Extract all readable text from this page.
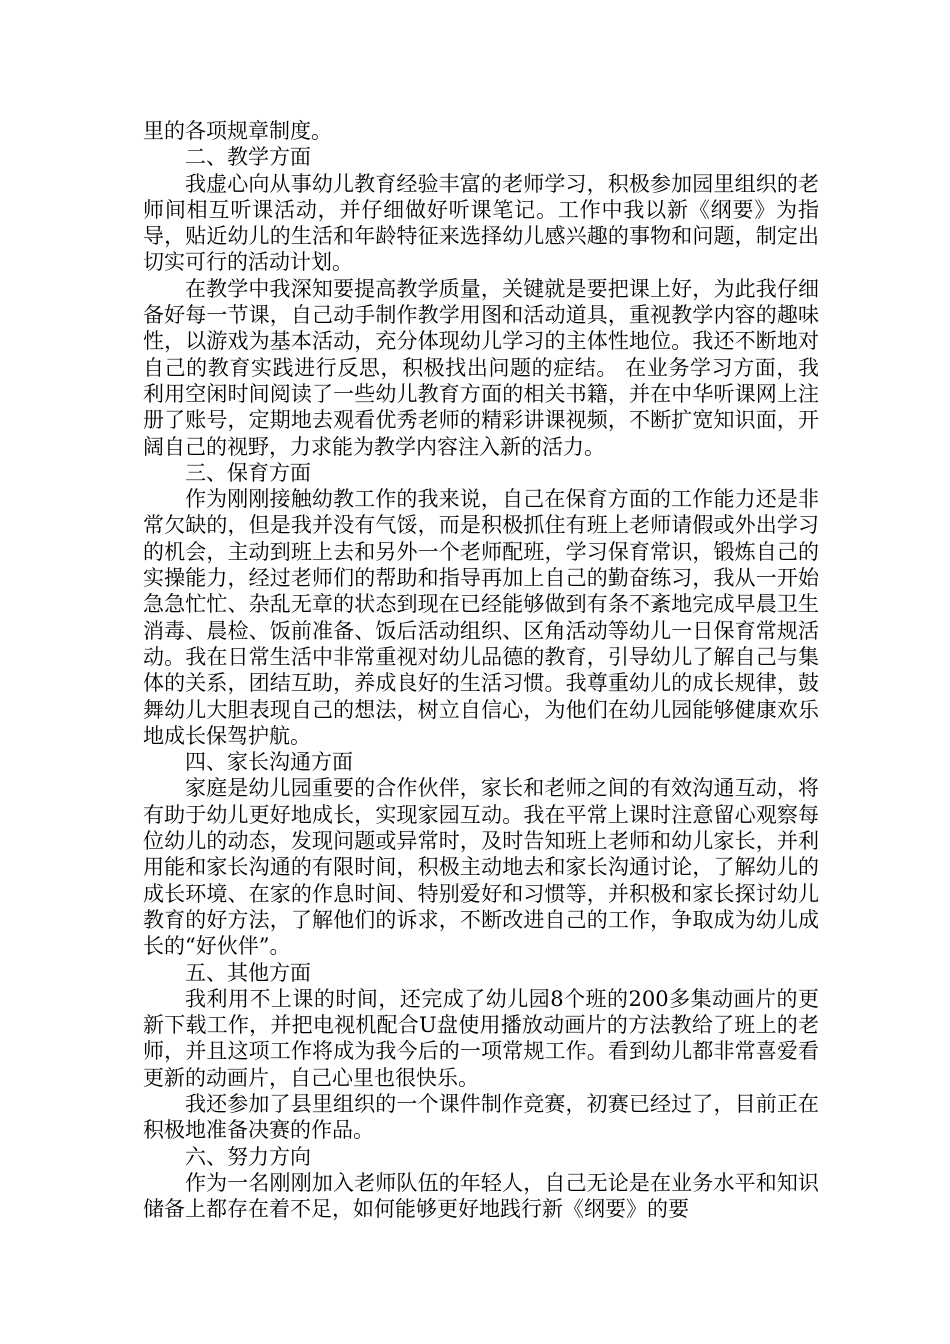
里的各项规章制度。

二、教学方面

我虚心向从事幼儿教育经验丰富的老师学习，积极参加园里组织的老师间相互听课活动，并仔细做好听课笔记。工作中我以新《纲要》为指导，贴近幼儿的生活和年龄特征来选择幼儿感兴趣的事物和问题，制定出切实可行的活动计划。

在教学中我深知要提高教学质量，关键就是要把课上好，为此我仔细备好每一节课，自己动手制作教学用图和活动道具，重视教学内容的趣味性，以游戏为基本活动，充分体现幼儿学习的主体性地位。我还不断地对自己的教育实践进行反思，积极找出问题的症结。 在业务学习方面，我利用空闲时间阅读了一些幼儿教育方面的相关书籍，并在中华听课网上注册了账号，定期地去观看优秀老师的精彩讲课视频，不断扩宽知识面，开阔自己的视野，力求能为教学内容注入新的活力。

三、保育方面

作为刚刚接触幼教工作的我来说，自己在保育方面的工作能力还是非常欠缺的，但是我并没有气馁，而是积极抓住有班上老师请假或外出学习的机会，主动到班上去和另外一个老师配班，学习保育常识，锻炼自己的实操能力，经过老师们的帮助和指导再加上自己的勤奋练习，我从一开始急急忙忙、杂乱无章的状态到现在已经能够做到有条不紊地完成早晨卫生消毒、晨检、饭前准备、饭后活动组织、区角活动等幼儿一日保育常规活动。我在日常生活中非常重视对幼儿品德的教育，引导幼儿了解自己与集体的关系，团结互助，养成良好的生活习惯。我尊重幼儿的成长规律，鼓舞幼儿大胆表现自己的想法，树立自信心，为他们在幼儿园能够健康欢乐地成长保驾护航。

四、家长沟通方面

家庭是幼儿园重要的合作伙伴，家长和老师之间的有效沟通互动，将有助于幼儿更好地成长，实现家园互动。我在平常上课时注意留心观察每位幼儿的动态，发现问题或异常时，及时告知班上老师和幼儿家长，并利用能和家长沟通的有限时间，积极主动地去和家长沟通讨论，了解幼儿的成长环境、在家的作息时间、特别爱好和习惯等，并积极和家长探讨幼儿教育的好方法，了解他们的诉求，不断改进自己的工作，争取成为幼儿成长的“好伙伴”。

五、其他方面

我利用不上课的时间，还完成了幼儿园8个班的200多集动画片的更新下载工作，并把电视机配合U盘使用播放动画片的方法教给了班上的老师，并且这项工作将成为我今后的一项常规工作。看到幼儿都非常喜爱看更新的动画片，自己心里也很快乐。

我还参加了县里组织的一个课件制作竞赛，初赛已经过了，目前正在积极地准备决赛的作品。

六、努力方向

作为一名刚刚加入老师队伍的年轻人，自己无论是在业务水平和知识储备上都存在着不足，如何能够更好地践行新《纲要》的要
